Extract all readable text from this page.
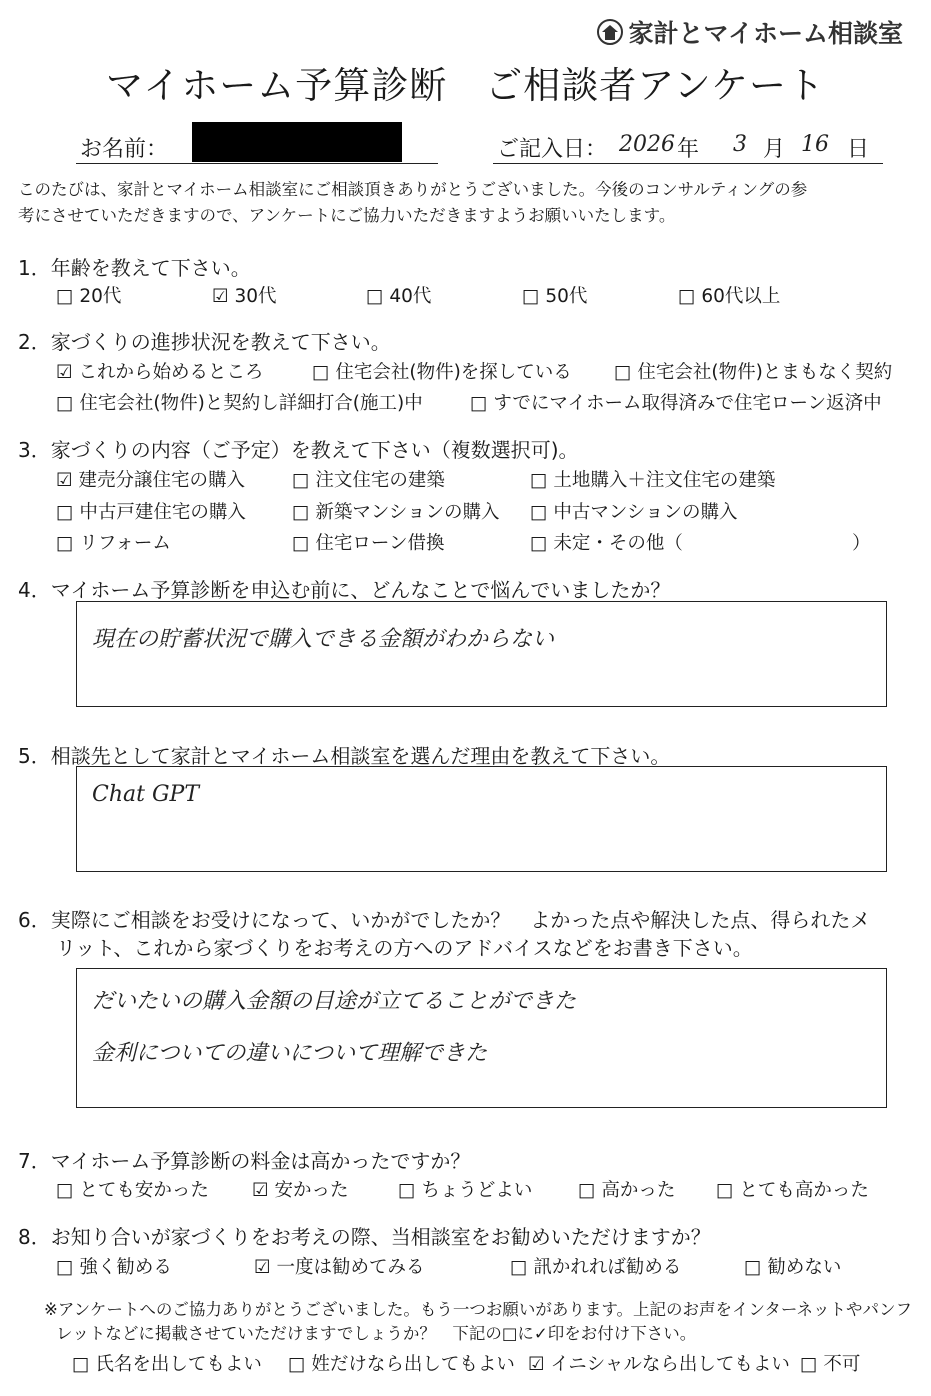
家計とマイホーム相談室
マイホーム予算診断　ご相談者アンケート
お名前：	ご記入日： 2026 年 3 月 16 日
このたびは、家計とマイホーム相談室にご相談頂きありがとうございました。今後のコンサルティングの参
考にさせていただきますので、アンケートにご協力いただきますようお願いいたします。
1．年齢を教えて下さい。
□ 20代	☑ 30代	□ 40代	□ 50代	□ 60代以上
2．家づくりの進捗状況を教えて下さい。
☑ これから始めるところ	□ 住宅会社(物件)を探している □ 住宅会社(物件)とまもなく契約
□ 住宅会社(物件)と契約し詳細打合(施工)中	□ すでにマイホーム取得済みで住宅ローン返済中
3．家づくりの内容（ご予定）を教えて下さい（複数選択可)。
☑ 建売分譲住宅の購入	□ 注文住宅の建築	□ 土地購入＋注文住宅の建築
□ 中古戸建住宅の購入 □ 新築マンションの購入 □ 中古マンションの購入
□ リフォーム	□ 住宅ローン借換	□ 未定・その他（	）
4．マイホーム予算診断を申込む前に、どんなことで悩んでいましたか？
現在の貯蓄状況で購入できる金額がわからない
5．相談先として家計とマイホーム相談室を選んだ理由を教えて下さい。
Chat GPT
6．実際にご相談をお受けになって、いかがでしたか？　よかった点や解決した点、得られたメ
リット、これから家づくりをお考えの方へのアドバイスなどをお書き下さい。
だいたいの購入金額の目途が立てることができた
金利についての違いについて理解できた
7．マイホーム予算診断の料金は高かったですか？
□ とても安かった ☑ 安かった	□ ちょうどよい □ 高かった □ とても高かった
8．お知り合いが家づくりをお考えの際、当相談室をお勧めいただけますか？
□ 強く勧める	☑ 一度は勧めてみる	□ 訊かれれば勧める	□ 勧めない
※アンケートへのご協力ありがとうございました。もう一つお願いがあります。上記のお声をインターネットやパンフ
レットなどに掲載させていただけますでしょうか？　下記の□に✓印をお付け下さい。
□ 氏名を出してもよい □ 姓だけなら出してもよい ☑ イニシャルなら出してもよい □ 不可
